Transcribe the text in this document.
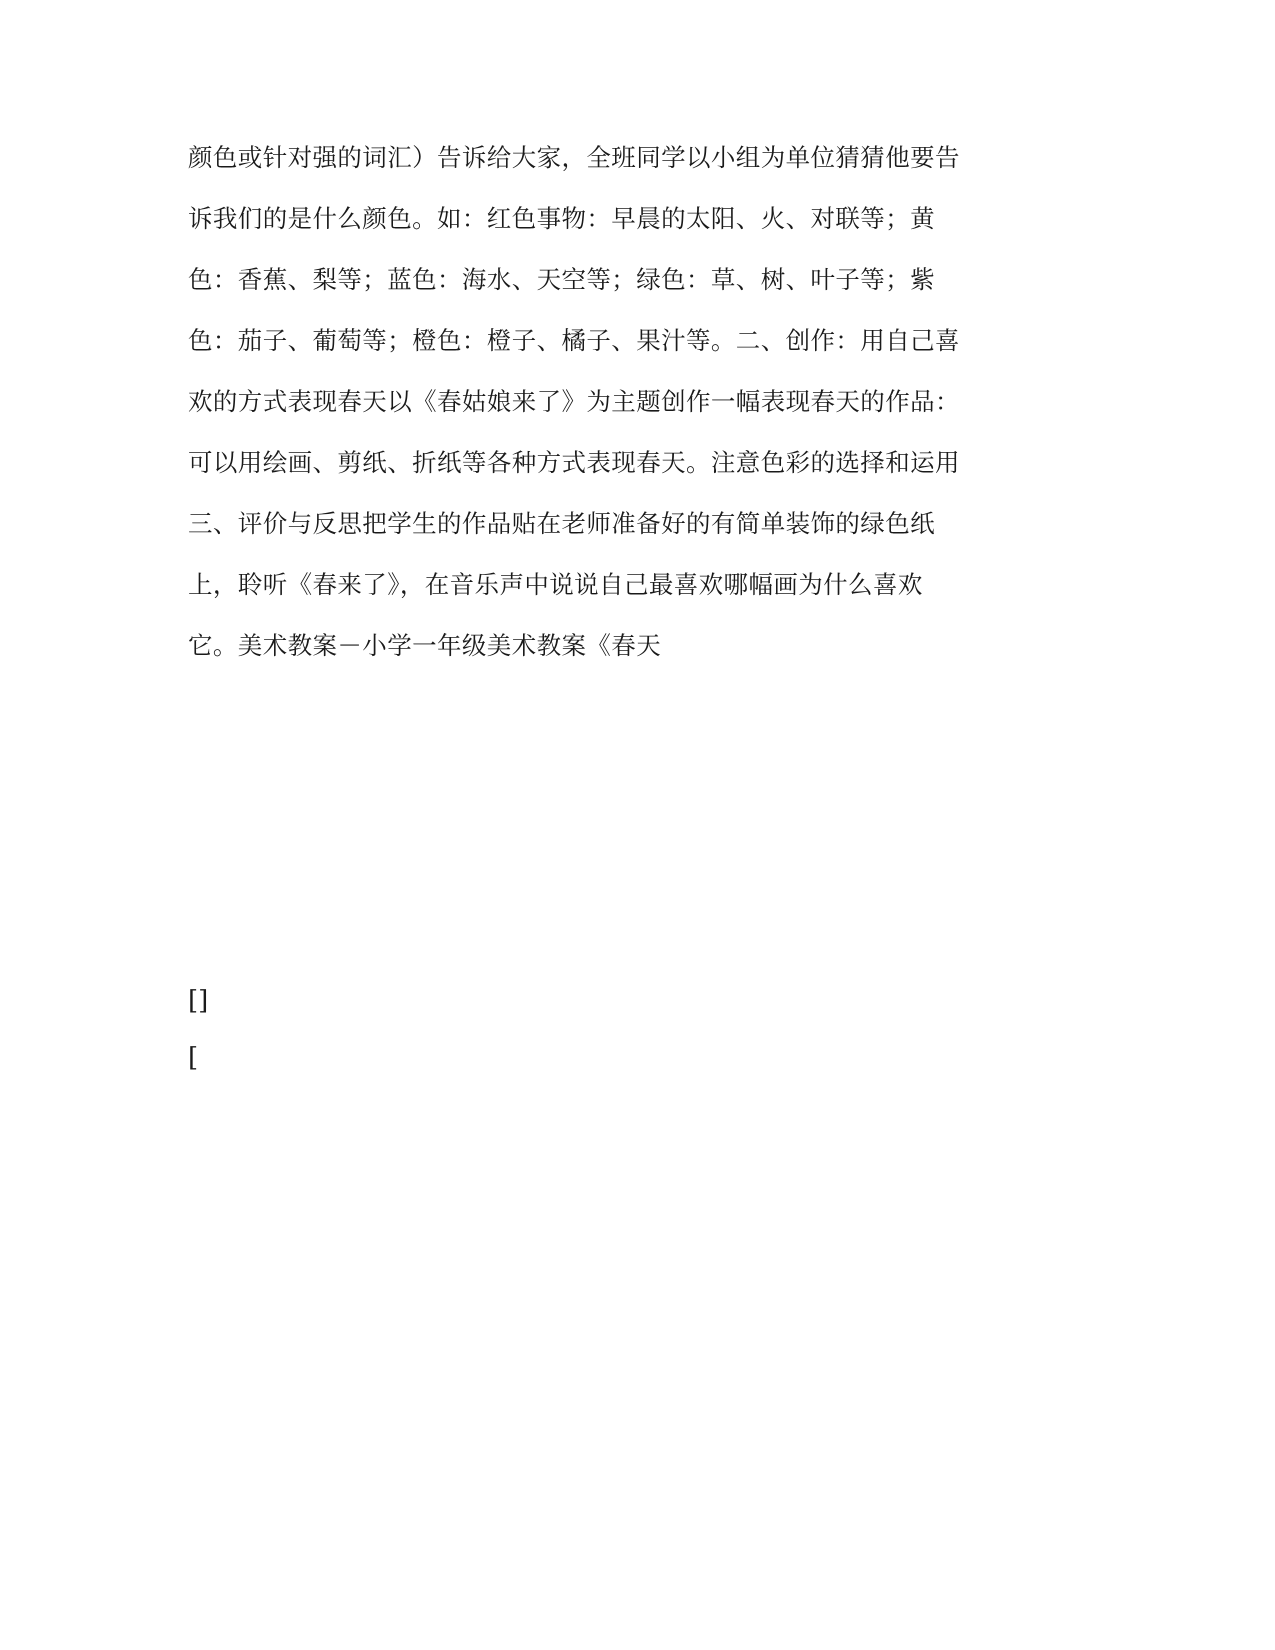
颜色或针对强的词汇）告诉给大家，全班同学以小组为单位猜猜他要告
诉我们的是什么颜色。如：红色事物：早晨的太阳、火、对联等；黄
色：香蕉、梨等；蓝色：海水、天空等；绿色：草、树、叶子等；紫
色：茄子、葡萄等；橙色：橙子、橘子、果汁等。二、创作：用自己喜
欢的方式表现春天以《春姑娘来了》为主题创作一幅表现春天的作品：
可以用绘画、剪纸、折纸等各种方式表现春天。注意色彩的选择和运用
三、评价与反思把学生的作品贴在老师准备好的有简单装饰的绿色纸
上，聆听《春来了》，在音乐声中说说自己最喜欢哪幅画为什么喜欢
它。美术教案－小学一年级美术教案《春天
[]
[
